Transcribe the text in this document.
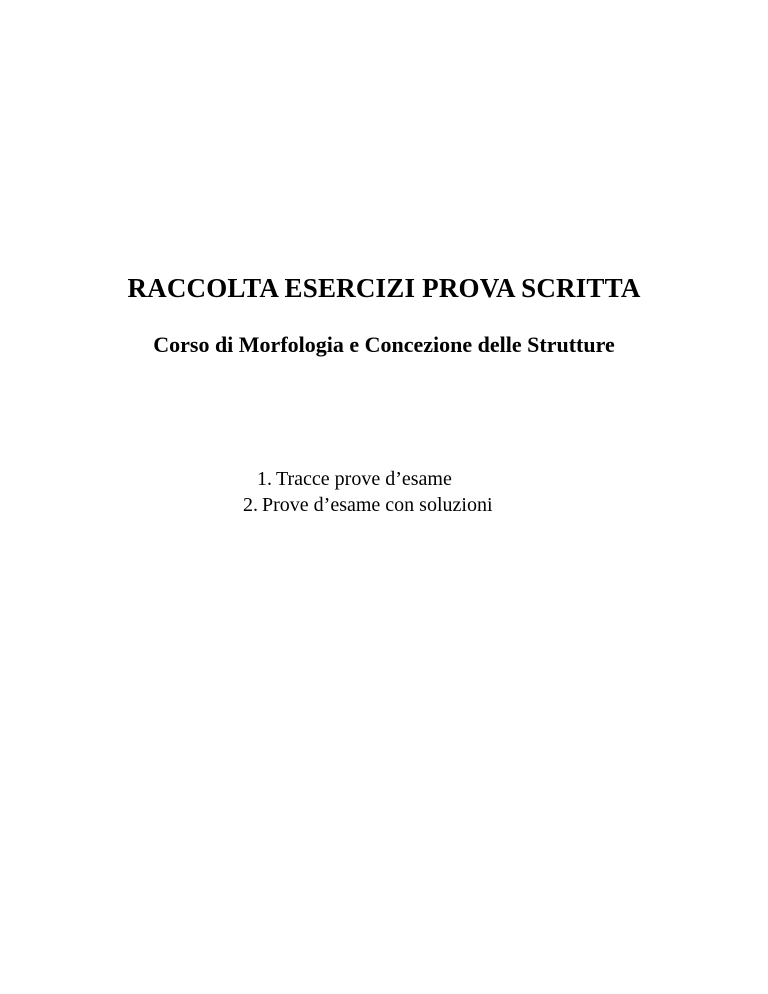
RACCOLTA ESERCIZI PROVA SCRITTA
Corso di Morfologia e Concezione delle Strutture
1. Tracce prove d’esame
2. Prove d’esame con soluzioni
